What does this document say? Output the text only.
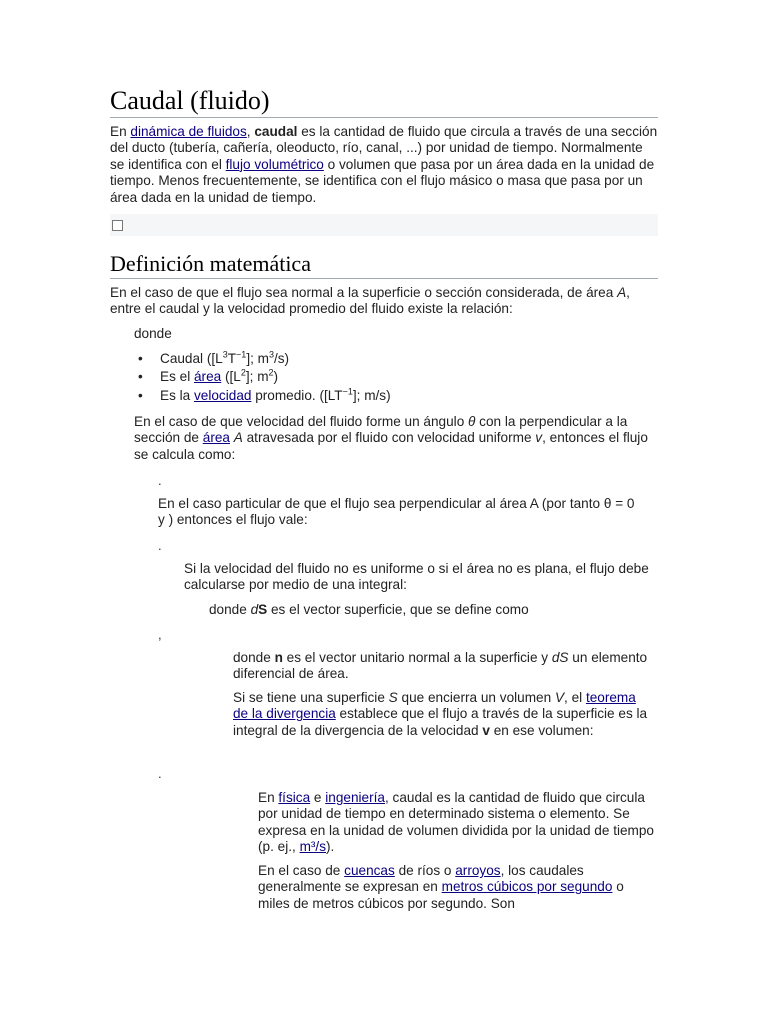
Caudal (fluido)

En dinámica de fluidos, caudal es la cantidad de fluido que circula a través de una sección del ducto (tubería, cañería, oleoducto, río, canal, ...) por unidad de tiempo. Normalmente se identifica con el flujo volumétrico o volumen que pasa por un área dada en la unidad de tiempo. Menos frecuentemente, se identifica con el flujo másico o masa que pasa por un área dada en la unidad de tiempo.

Definición matemática

En el caso de que el flujo sea normal a la superficie o sección considerada, de área A, entre el caudal y la velocidad promedio del fluido existe la relación:

donde

• Caudal ($[L^3T^{-1}]$; $m^3/s$)
• Es el área ($[L^2]$; $m^2$)
• Es la velocidad promedio. ($[LT^{-1}]$; m/s)

En el caso de que velocidad del fluido forme un ángulo θ con la perpendicular a la sección de área A atravesada por el fluido con velocidad uniforme v, entonces el flujo se calcula como:

.

En el caso particular de que el flujo sea perpendicular al área A (por tanto θ = 0 y ) entonces el flujo vale:

.

Si la velocidad del fluido no es uniforme o si el área no es plana, el flujo debe calcularse por medio de una integral:

donde dS es el vector superficie, que se define como

,

donde n es el vector unitario normal a la superficie y dS un elemento diferencial de área.

Si se tiene una superficie S que encierra un volumen V, el teorema de la divergencia establece que el flujo a través de la superficie es la integral de la divergencia de la velocidad v en ese volumen:

.

En física e ingeniería, caudal es la cantidad de fluido que circula por unidad de tiempo en determinado sistema o elemento. Se expresa en la unidad de volumen dividida por la unidad de tiempo (p. ej., m³/s).

En el caso de cuencas de ríos o arroyos, los caudales generalmente se expresan en metros cúbicos por segundo o miles de metros cúbicos por segundo. Son
